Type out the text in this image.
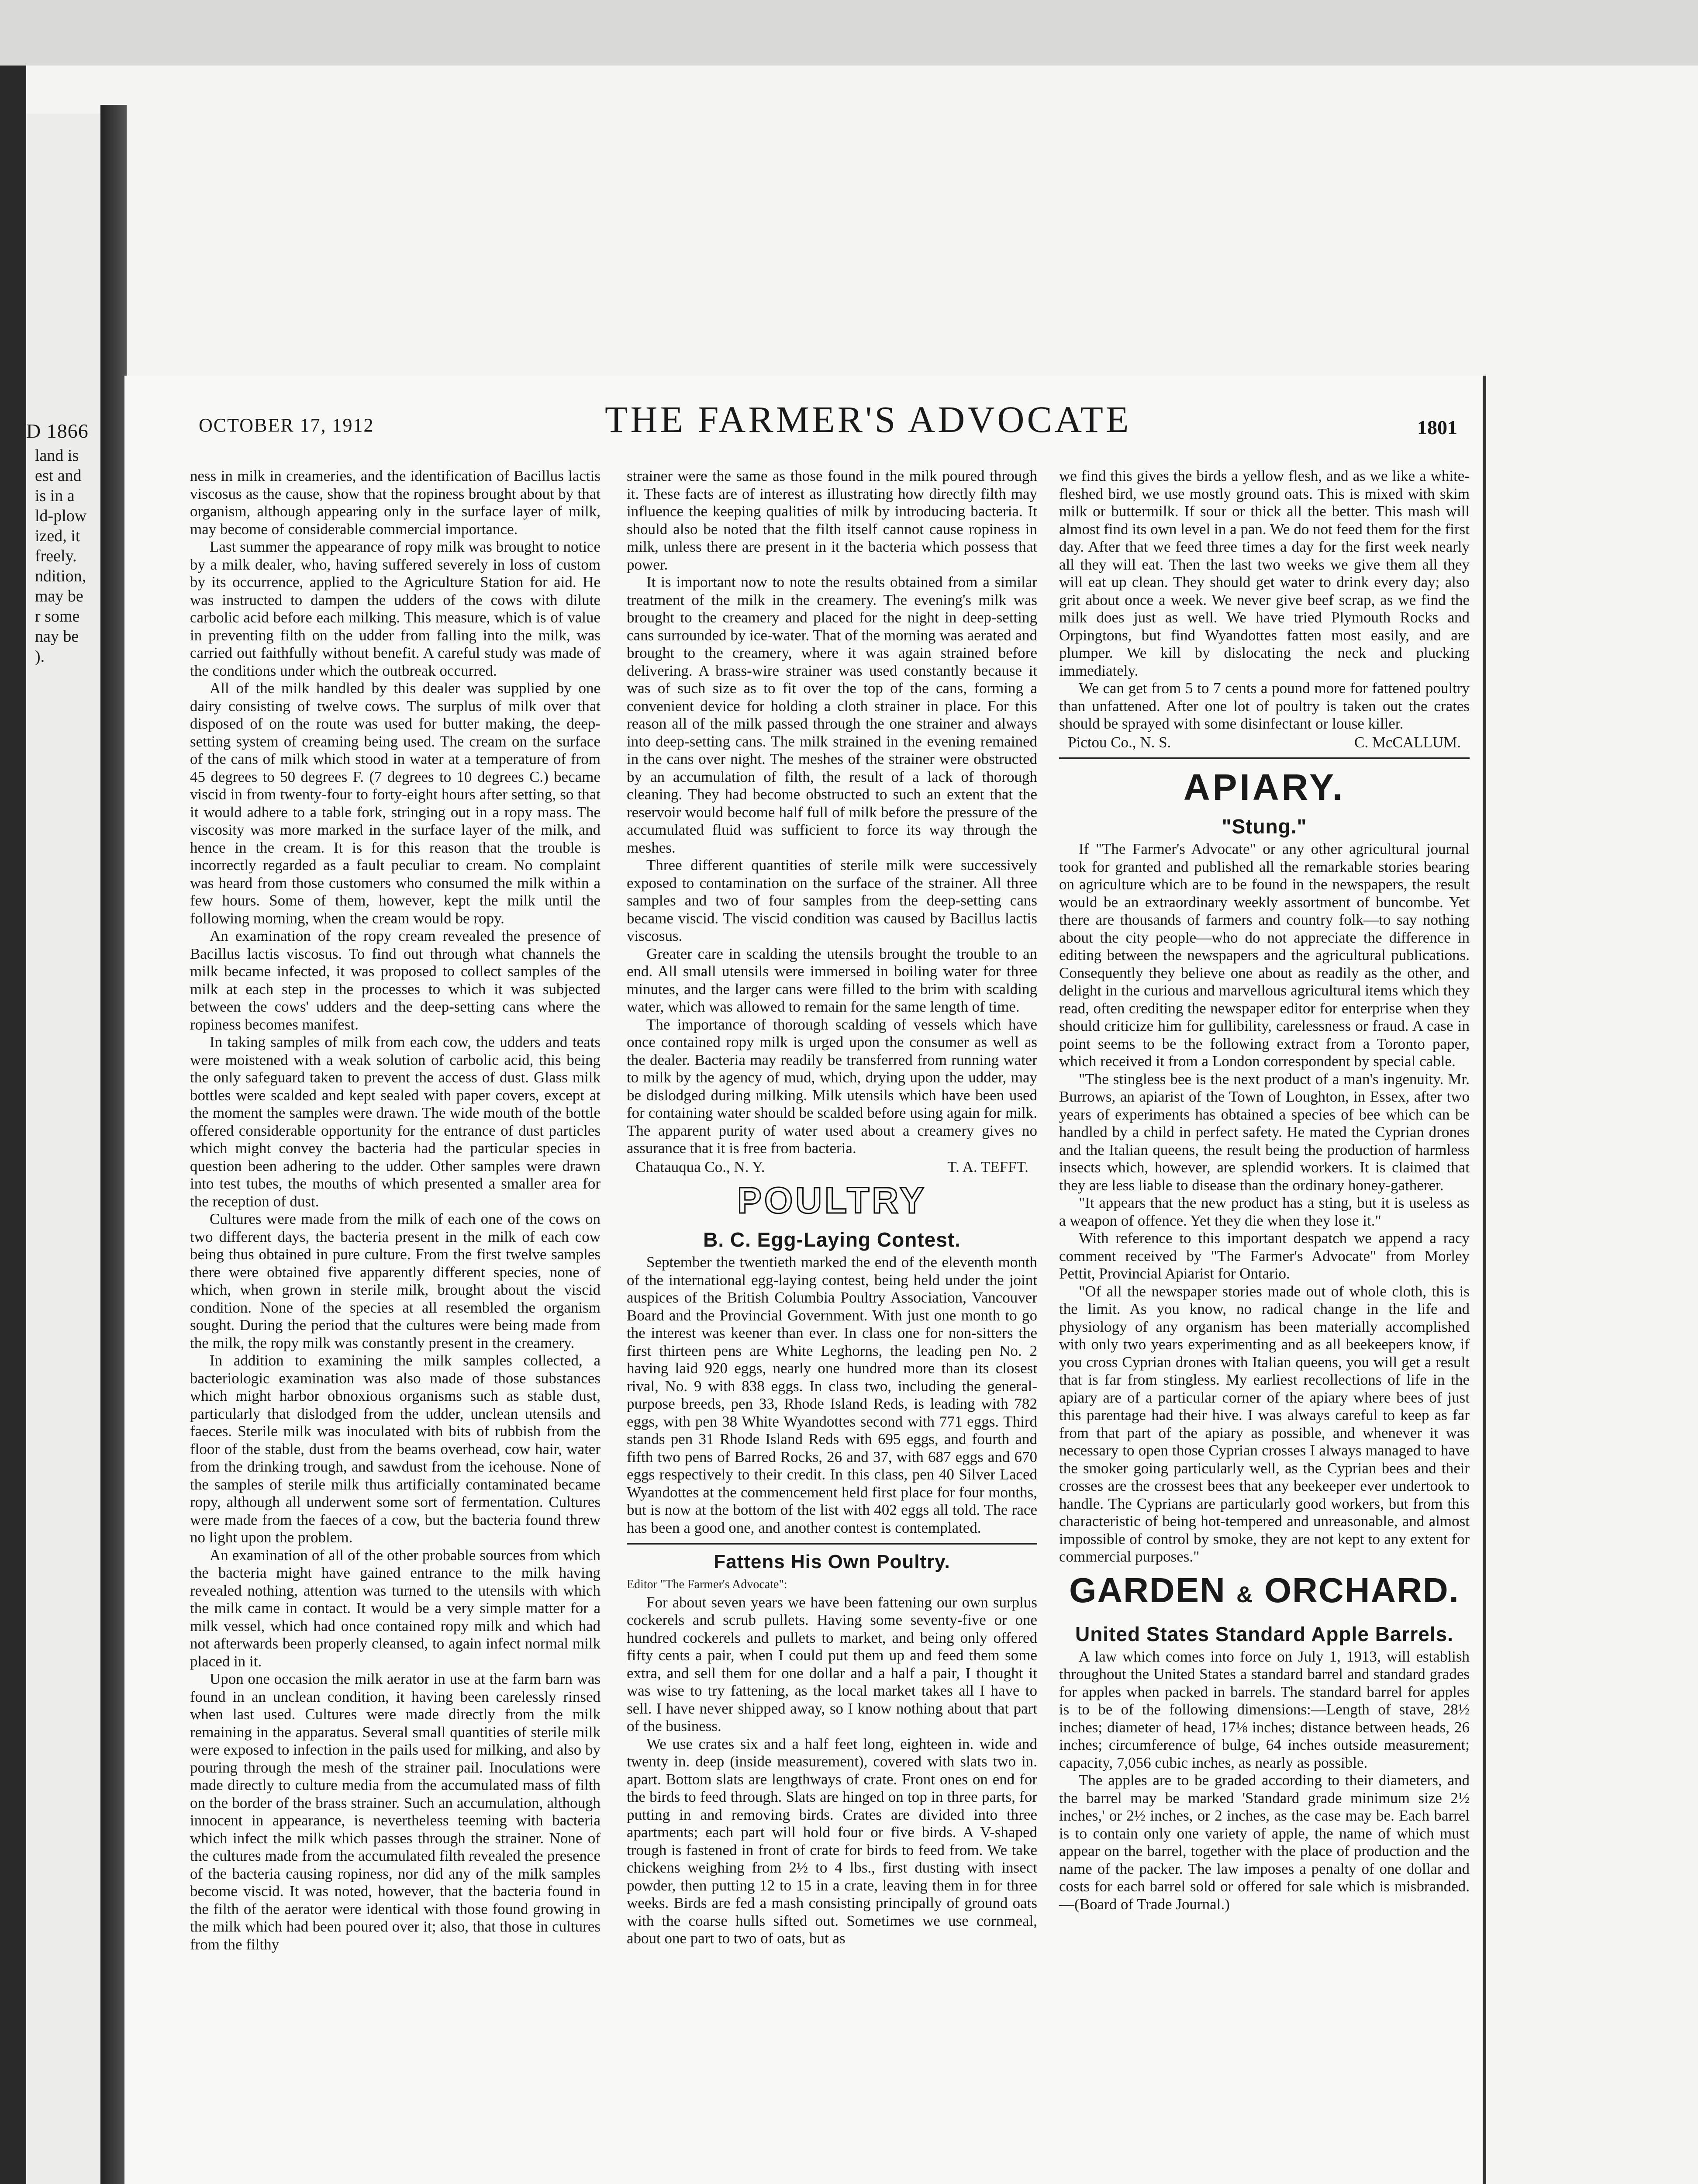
D 1866
land is
est and
is in a
ld-plow
ized, it
freely.
ndition,
may be
r some
nay be
).
OCTOBER 17, 1912	THE FARMER'S ADVOCATE	1801

ness in milk in creameries, and the identification of Bacillus lactis viscosus as the cause, show that the ropiness brought about by that organism, although appearing only in the surface layer of milk, may become of considerable commercial importance.

Last summer the appearance of ropy milk was brought to notice by a milk dealer, who, having suffered severely in loss of custom by its occurrence, applied to the Agriculture Station for aid. He was instructed to dampen the udders of the cows with dilute carbolic acid before each milking. This measure, which is of value in preventing filth on the udder from falling into the milk, was carried out faithfully without benefit. A careful study was made of the conditions under which the outbreak occurred.

All of the milk handled by this dealer was supplied by one dairy consisting of twelve cows. The surplus of milk over that disposed of on the route was used for butter making, the deep-setting system of creaming being used. The cream on the surface of the cans of milk which stood in water at a temperature of from 45 degrees to 50 degrees F. (7 degrees to 10 degrees C.) became viscid in from twenty-four to forty-eight hours after setting, so that it would adhere to a table fork, stringing out in a ropy mass. The viscosity was more marked in the surface layer of the milk, and hence in the cream. It is for this reason that the trouble is incorrectly regarded as a fault peculiar to cream. No complaint was heard from those customers who consumed the milk within a few hours. Some of them, however, kept the milk until the following morning, when the cream would be ropy.

An examination of the ropy cream revealed the presence of Bacillus lactis viscosus. To find out through what channels the milk became infected, it was proposed to collect samples of the milk at each step in the processes to which it was subjected between the cows' udders and the deep-setting cans where the ropiness becomes manifest.

In taking samples of milk from each cow, the udders and teats were moistened with a weak solution of carbolic acid, this being the only safeguard taken to prevent the access of dust. Glass milk bottles were scalded and kept sealed with paper covers, except at the moment the samples were drawn. The wide mouth of the bottle offered considerable opportunity for the entrance of dust particles which might convey the bacteria had the particular species in question been adhering to the udder. Other samples were drawn into test tubes, the mouths of which presented a smaller area for the reception of dust.

Cultures were made from the milk of each one of the cows on two different days, the bacteria present in the milk of each cow being thus obtained in pure culture. From the first twelve samples there were obtained five apparently different species, none of which, when grown in sterile milk, brought about the viscid condition. None of the species at all resembled the organism sought. During the period that the cultures were being made from the milk, the ropy milk was constantly present in the creamery.

In addition to examining the milk samples collected, a bacteriologic examination was also made of those substances which might harbor obnoxious organisms such as stable dust, particularly that dislodged from the udder, unclean utensils and faeces. Sterile milk was inoculated with bits of rubbish from the floor of the stable, dust from the beams overhead, cow hair, water from the drinking trough, and sawdust from the icehouse. None of the samples of sterile milk thus artificially contaminated became ropy, although all underwent some sort of fermentation. Cultures were made from the faeces of a cow, but the bacteria found threw no light upon the problem.

An examination of all of the other probable sources from which the bacteria might have gained entrance to the milk having revealed nothing, attention was turned to the utensils with which the milk came in contact. It would be a very simple matter for a milk vessel, which had once contained ropy milk and which had not afterwards been properly cleansed, to again infect normal milk placed in it.

Upon one occasion the milk aerator in use at the farm barn was found in an unclean condition, it having been carelessly rinsed when last used. Cultures were made directly from the milk remaining in the apparatus. Several small quantities of sterile milk were exposed to infection in the pails used for milking, and also by pouring through the mesh of the strainer pail. Inoculations were made directly to culture media from the accumulated mass of filth on the border of the brass strainer. Such an accumulation, although innocent in appearance, is nevertheless teeming with bacteria which infect the milk which passes through the strainer. None of the cultures made from the accumulated filth revealed the presence of the bacteria causing ropiness, nor did any of the milk samples become viscid. It was noted, however, that the bacteria found in the filth of the aerator were identical with those found growing in the milk which had been poured over it; also, that those in cultures from the filthy

strainer were the same as those found in the milk poured through it. These facts are of interest as illustrating how directly filth may influence the keeping qualities of milk by introducing bacteria. It should also be noted that the filth itself cannot cause ropiness in milk, unless there are present in it the bacteria which possess that power.

It is important now to note the results obtained from a similar treatment of the milk in the creamery. The evening's milk was brought to the creamery and placed for the night in deep-setting cans surrounded by ice-water. That of the morning was aerated and brought to the creamery, where it was again strained before delivering. A brass-wire strainer was used constantly because it was of such size as to fit over the top of the cans, forming a convenient device for holding a cloth strainer in place. For this reason all of the milk passed through the one strainer and always into deep-setting cans. The milk strained in the evening remained in the cans over night. The meshes of the strainer were obstructed by an accumulation of filth, the result of a lack of thorough cleaning. They had become obstructed to such an extent that the reservoir would become half full of milk before the pressure of the accumulated fluid was sufficient to force its way through the meshes.

Three different quantities of sterile milk were successively exposed to contamination on the surface of the strainer. All three samples and two of four samples from the deep-setting cans became viscid. The viscid condition was caused by Bacillus lactis viscosus.

Greater care in scalding the utensils brought the trouble to an end. All small utensils were immersed in boiling water for three minutes, and the larger cans were filled to the brim with scalding water, which was allowed to remain for the same length of time.

The importance of thorough scalding of vessels which have once contained ropy milk is urged upon the consumer as well as the dealer. Bacteria may readily be transferred from running water to milk by the agency of mud, which, drying upon the udder, may be dislodged during milking. Milk utensils which have been used for containing water should be scalded before using again for milk. The apparent purity of water used about a creamery gives no assurance that it is free from bacteria.

Chatauqua Co., N. Y.	T. A. TEFFT.
POULTRY
B. C. Egg-Laying Contest.

September the twentieth marked the end of the eleventh month of the international egg-laying contest, being held under the joint auspices of the British Columbia Poultry Association, Vancouver Board and the Provincial Government. With just one month to go the interest was keener than ever. In class one for non-sitters the first thirteen pens are White Leghorns, the leading pen No. 2 having laid 920 eggs, nearly one hundred more than its closest rival, No. 9 with 838 eggs. In class two, including the general-purpose breeds, pen 33, Rhode Island Reds, is leading with 782 eggs, with pen 38 White Wyandottes second with 771 eggs. Third stands pen 31 Rhode Island Reds with 695 eggs, and fourth and fifth two pens of Barred Rocks, 26 and 37, with 687 eggs and 670 eggs respectively to their credit. In this class, pen 40 Silver Laced Wyandottes at the commencement held first place for four months, but is now at the bottom of the list with 402 eggs all told. The race has been a good one, and another contest is contemplated.

Fattens His Own Poultry.

Editor "The Farmer's Advocate":

For about seven years we have been fattening our own surplus cockerels and scrub pullets. Having some seventy-five or one hundred cockerels and pullets to market, and being only offered fifty cents a pair, when I could put them up and feed them some extra, and sell them for one dollar and a half a pair, I thought it was wise to try fattening, as the local market takes all I have to sell. I have never shipped away, so I know nothing about that part of the business.

We use crates six and a half feet long, eighteen in. wide and twenty in. deep (inside measurement), covered with slats two in. apart. Bottom slats are lengthways of crate. Front ones on end for the birds to feed through. Slats are hinged on top in three parts, for putting in and removing birds. Crates are divided into three apartments; each part will hold four or five birds. A V-shaped trough is fastened in front of crate for birds to feed from. We take chickens weighing from 2½ to 4 lbs., first dusting with insect powder, then putting 12 to 15 in a crate, leaving them in for three weeks. Birds are fed a mash consisting principally of ground oats with the coarse hulls sifted out. Sometimes we use cornmeal, about one part to two of oats, but as

we find this gives the birds a yellow flesh, and as we like a white-fleshed bird, we use mostly ground oats. This is mixed with skim milk or buttermilk. If sour or thick all the better. This mash will almost find its own level in a pan. We do not feed them for the first day. After that we feed three times a day for the first week nearly all they will eat. Then the last two weeks we give them all they will eat up clean. They should get water to drink every day; also grit about once a week. We never give beef scrap, as we find the milk does just as well. We have tried Plymouth Rocks and Orpingtons, but find Wyandottes fatten most easily, and are plumper. We kill by dislocating the neck and plucking immediately.

We can get from 5 to 7 cents a pound more for fattened poultry than unfattened. After one lot of poultry is taken out the crates should be sprayed with some disinfectant or louse killer.

Pictou Co., N. S.	C. McCALLUM.
APIARY.
"Stung."

If "The Farmer's Advocate" or any other agricultural journal took for granted and published all the remarkable stories bearing on agriculture which are to be found in the newspapers, the result would be an extraordinary weekly assortment of buncombe. Yet there are thousands of farmers and country folk—to say nothing about the city people—who do not appreciate the difference in editing between the newspapers and the agricultural publications. Consequently they believe one about as readily as the other, and delight in the curious and marvellous agricultural items which they read, often crediting the newspaper editor for enterprise when they should criticize him for gullibility, carelessness or fraud. A case in point seems to be the following extract from a Toronto paper, which received it from a London correspondent by special cable.

"The stingless bee is the next product of a man's ingenuity. Mr. Burrows, an apiarist of the Town of Loughton, in Essex, after two years of experiments has obtained a species of bee which can be handled by a child in perfect safety. He mated the Cyprian drones and the Italian queens, the result being the production of harmless insects which, however, are splendid workers. It is claimed that they are less liable to disease than the ordinary honey-gatherer.

"It appears that the new product has a sting, but it is useless as a weapon of offence. Yet they die when they lose it."

With reference to this important despatch we append a racy comment received by "The Farmer's Advocate" from Morley Pettit, Provincial Apiarist for Ontario.

"Of all the newspaper stories made out of whole cloth, this is the limit. As you know, no radical change in the life and physiology of any organism has been materially accomplished with only two years experimenting and as all beekeepers know, if you cross Cyprian drones with Italian queens, you will get a result that is far from stingless. My earliest recollections of life in the apiary are of a particular corner of the apiary where bees of just this parentage had their hive. I was always careful to keep as far from that part of the apiary as possible, and whenever it was necessary to open those Cyprian crosses I always managed to have the smoker going particularly well, as the Cyprian bees and their crosses are the crossest bees that any beekeeper ever undertook to handle. The Cyprians are particularly good workers, but from this characteristic of being hot-tempered and unreasonable, and almost impossible of control by smoke, they are not kept to any extent for commercial purposes."

GARDEN & ORCHARD.
United States Standard Apple Barrels.

A law which comes into force on July 1, 1913, will establish throughout the United States a standard barrel and standard grades for apples when packed in barrels. The standard barrel for apples is to be of the following dimensions:—Length of stave, 28½ inches; diameter of head, 17⅛ inches; distance between heads, 26 inches; circumference of bulge, 64 inches outside measurement; capacity, 7,056 cubic inches, as nearly as possible.

The apples are to be graded according to their diameters, and the barrel may be marked 'Standard grade minimum size 2½ inches,' or 2½ inches, or 2 inches, as the case may be. Each barrel is to contain only one variety of apple, the name of which must appear on the barrel, together with the place of production and the name of the packer. The law imposes a penalty of one dollar and costs for each barrel sold or offered for sale which is misbranded.—(Board of Trade Journal.)
